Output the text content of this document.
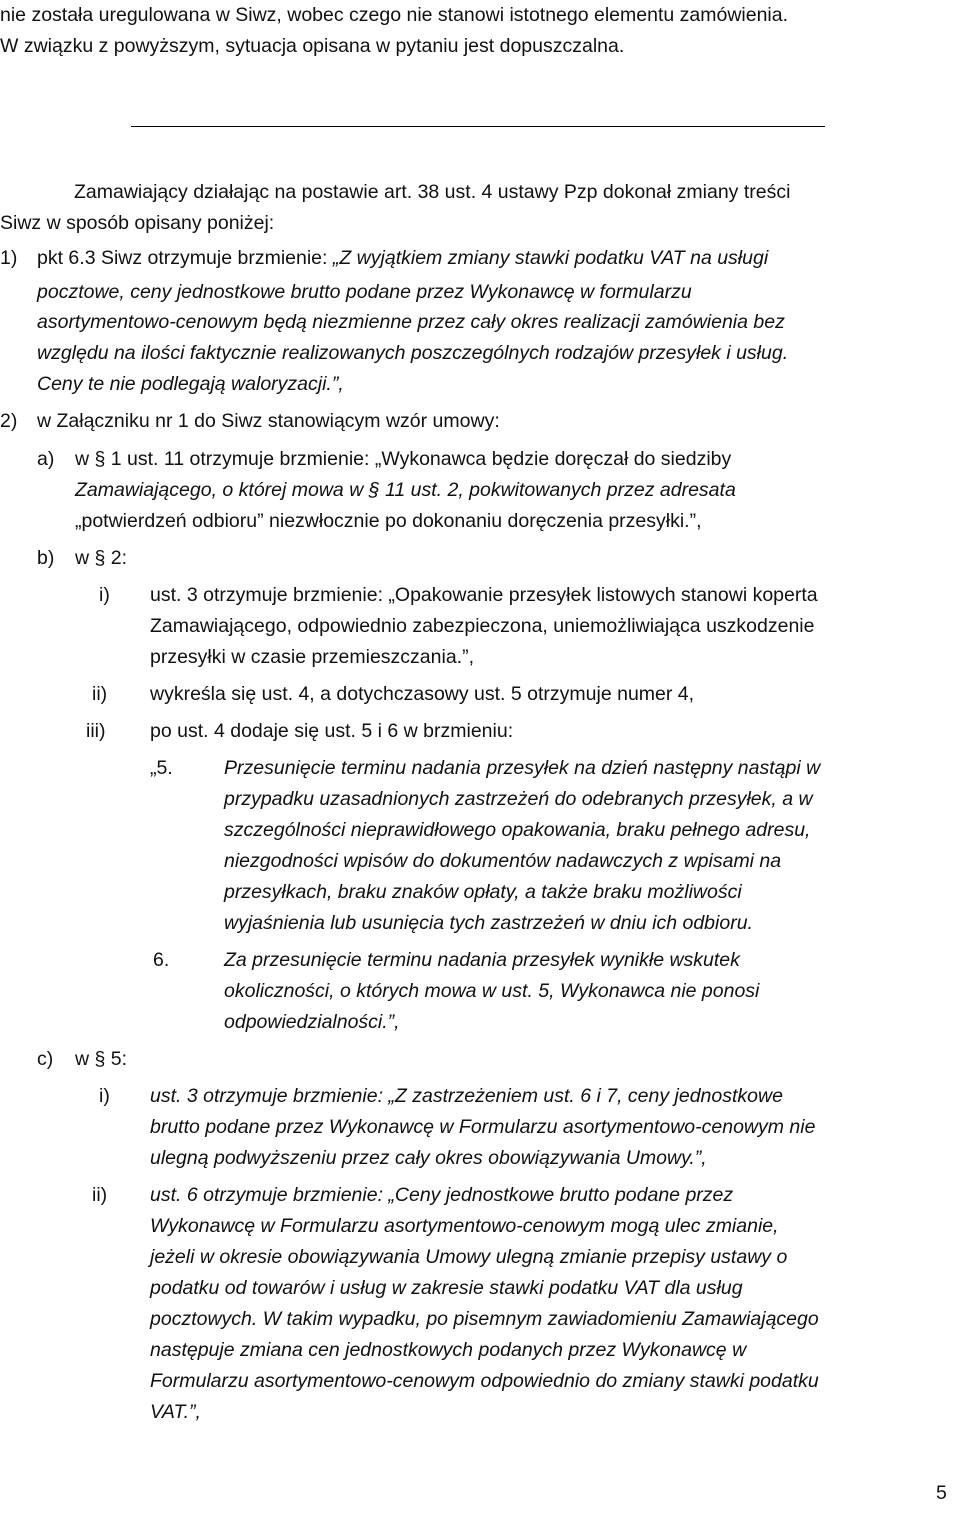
nie została uregulowana w Siwz, wobec czego nie stanowi istotnego elementu zamówienia.
W związku z powyższym, sytuacja opisana w pytaniu jest dopuszczalna.
Zamawiający działając na postawie art. 38 ust. 4 ustawy Pzp dokonał zmiany treści
Siwz w sposób opisany poniżej:
1) pkt 6.3 Siwz otrzymuje brzmienie: „Z wyjątkiem zmiany stawki podatku VAT na usługi
pocztowe, ceny jednostkowe brutto podane przez Wykonawcę w formularzu
asortymentowo-cenowym będą niezmienne przez cały okres realizacji zamówienia bez
względu na ilości faktycznie realizowanych poszczególnych rodzajów przesyłek i usług.
Ceny te nie podlegają waloryzacji.”,
2) w Załączniku nr 1 do Siwz stanowiącym wzór umowy:
a) w § 1 ust. 11 otrzymuje brzmienie: „Wykonawca będzie doręczał do siedziby
Zamawiającego, o której mowa w § 11 ust. 2, pokwitowanych przez adresata
„potwierdzeń odbioru” niezwłocznie po dokonaniu doręczenia przesyłki.”,
b) w § 2:
i) ust. 3 otrzymuje brzmienie: „Opakowanie przesyłek listowych stanowi koperta
Zamawiającego, odpowiednio zabezpieczona, uniemożliwiająca uszkodzenie
przesyłki w czasie przemieszczania.”,
ii) wykreśla się ust. 4, a dotychczasowy ust. 5 otrzymuje numer 4,
iii) po ust. 4 dodaje się ust. 5 i 6 w brzmieniu:
„5.	Przesunięcie terminu nadania przesyłek na dzień następny nastąpi w
przypadku uzasadnionych zastrzeżeń do odebranych przesyłek, a w
szczególności nieprawidłowego opakowania, braku pełnego adresu,
niezgodności wpisów do dokumentów nadawczych z wpisami na
przesyłkach, braku znaków opłaty, a także braku możliwości
wyjaśnienia lub usunięcia tych zastrzeżeń w dniu ich odbioru.
6.	Za przesunięcie terminu nadania przesyłek wynikłe wskutek
okoliczności, o których mowa w ust. 5, Wykonawca nie ponosi
odpowiedzialności.”,
c) w § 5:
i) ust. 3 otrzymuje brzmienie: „Z zastrzeżeniem ust. 6 i 7, ceny jednostkowe
brutto podane przez Wykonawcę w Formularzu asortymentowo-cenowym nie
ulegną podwyższeniu przez cały okres obowiązywania Umowy.”,
ii) ust. 6 otrzymuje brzmienie: „Ceny jednostkowe brutto podane przez
Wykonawcę w Formularzu asortymentowo-cenowym mogą ulec zmianie,
jeżeli w okresie obowiązywania Umowy ulegną zmianie przepisy ustawy o
podatku od towarów i usług w zakresie stawki podatku VAT dla usług
pocztowych. W takim wypadku, po pisemnym zawiadomieniu Zamawiającego
następuje zmiana cen jednostkowych podanych przez Wykonawcę w
Formularzu asortymentowo-cenowym odpowiednio do zmiany stawki podatku
VAT.”,
5
